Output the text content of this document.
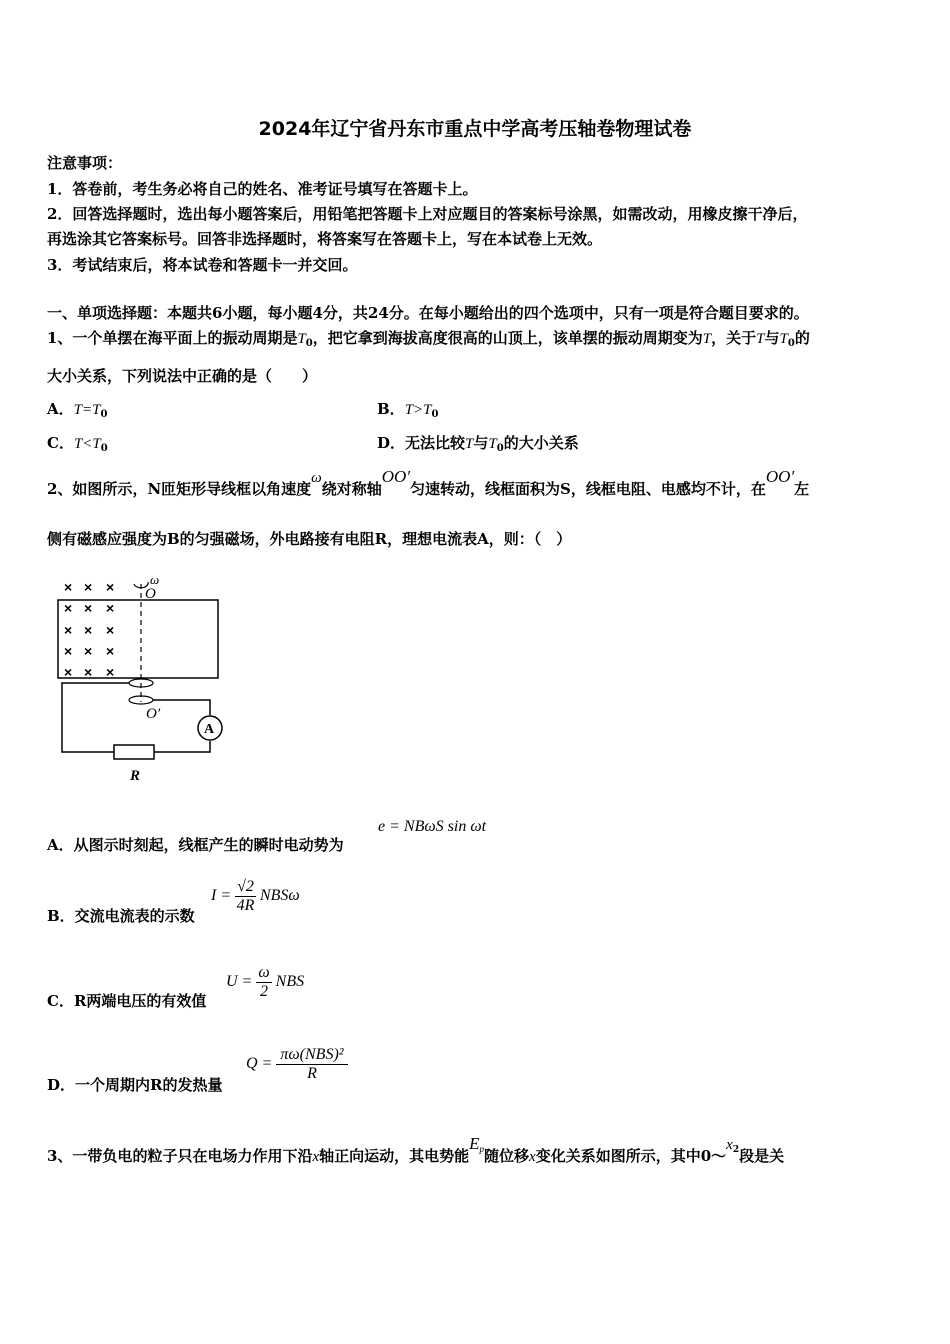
2024年辽宁省丹东市重点中学高考压轴卷物理试卷
注意事项：
1．答卷前，考生务必将自己的姓名、准考证号填写在答题卡上。
2．回答选择题时，选出每小题答案后，用铅笔把答题卡上对应题目的答案标号涂黑，如需改动，用橡皮擦干净后，
再选涂其它答案标号。回答非选择题时，将答案写在答题卡上，写在本试卷上无效。
3．考试结束后，将本试卷和答题卡一并交回。
一、单项选择题：本题共6小题，每小题4分，共24分。在每小题给出的四个选项中，只有一项是符合题目要求的。
1、一个单摆在海平面上的振动周期是$T_0$，把它拿到海拔高度很高的山顶上，该单摆的振动周期变为T，关于T与$T_0$的
大小关系，下列说法中正确的是（　　）
A．$T=T_0$	B．$T>T_0$
C．$T<T_0$	D．无法比较T与$T_0$的大小关系
2、如图所示，N匝矩形导线框以角速度ω绕对称轴OO′匀速转动，线框面积为S，线框电阻、电感均不计，在OO′左
侧有磁感应强度为B的匀强磁场，外电路接有电阻R，理想电流表A，则：（　）
× × ×
× × ×
× × ×
× × ×
× × ×
ω
O
O′
A
R
A．从图示时刻起，线框产生的瞬时电动势为
e = NBωS sin ωt
B．交流电流表的示数
$I = \frac{√2}{4R}$ NBSω
C．R两端电压的有效值
$U = \frac{\omega}{2}$ NBS
D．一个周期内R的发热量
$Q = \frac{\text{πω(NBS)²}}{R}$
3、一带负电的粒子只在电场力作用下沿x轴正向运动，其电势能$E^p$随位移x变化关系如图所示，其中$0\sim x^2$段是关
